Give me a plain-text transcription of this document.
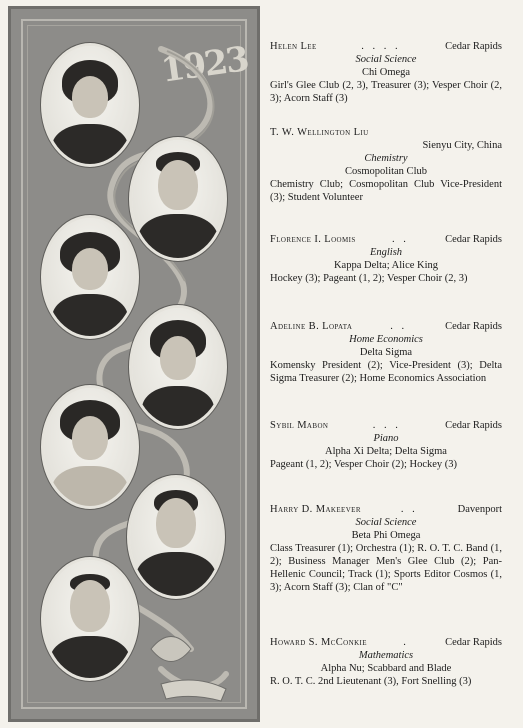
1923 Helen Lee	. . . .	Cedar Rapids
Social Science
Chi Omega
Girl's Glee Club (2, 3), Treasurer (3); Vesper Choir (2, 3); Acorn Staff (3)
T. W. Wellington Liu
Sienyu City, China
Chemistry
Cosmopolitan Club
Chemistry Club; Cosmopolitan Club Vice-President (3); Student Volunteer
Florence I. Loomis	. .	Cedar Rapids
English
Kappa Delta; Alice King
Hockey (3); Pageant (1, 2); Vesper Choir (2, 3)
Adeline B. Lopata	. .	Cedar Rapids
Home Economics
Delta Sigma
Komensky President (2); Vice-President (3); Delta Sigma Treasurer (2); Home Economics Association
Sybil Mabon	. . .	Cedar Rapids
Piano
Alpha Xi Delta; Delta Sigma
Pageant (1, 2); Vesper Choir (2); Hockey (3)
Harry D. Makeever	. .	Davenport
Social Science
Beta Phi Omega
Class Treasurer (1); Orchestra (1); R. O. T. C. Band (1, 2); Business Manager Men's Glee Club (2); Pan-Hellenic Council; Track (1); Sports Editor Cosmos (1, 3); Acorn Staff (3); Clan of "C"
Howard S. McConkie	.	Cedar Rapids
Mathematics
Alpha Nu; Scabbard and Blade
R. O. T. C. 2nd Lieutenant (3), Fort Snelling (3)
